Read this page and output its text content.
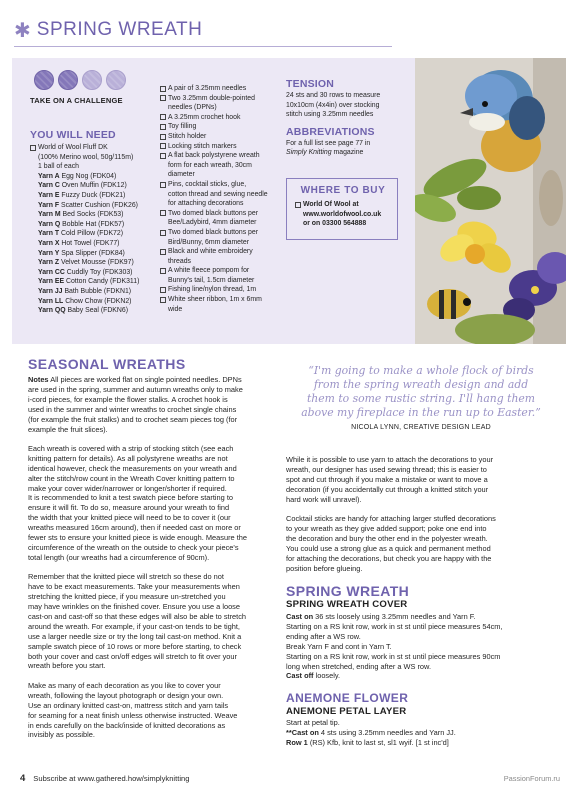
✱ SPRING WREATH
TAKE ON A CHALLENGE
YOU WILL NEED
World of Wool Fluff DK
(100% Merino wool, 50g/115m)
1 ball of each
Yarn A Egg Nog (FDK04)
Yarn C Oven Muffin (FDK12)
Yarn E Fuzzy Duck (FDK21)
Yarn F Scatter Cushion (FDK26)
Yarn M Bed Socks (FDK53)
Yarn Q Bobble Hat (FDK57)
Yarn T Cold Pillow (FDK72)
Yarn X Hot Towel (FDK77)
Yarn Y Spa Slipper (FDK84)
Yarn Z Velvet Mousse (FDK97)
Yarn CC Cuddly Toy (FDK303)
Yarn EE Cotton Candy (FDK311)
Yarn JJ Bath Bubble (FDKN1)
Yarn LL Chow Chow (FDKN2)
Yarn QQ Baby Seal (FDKN6)
A pair of 3.25mm needles
Two 3.25mm double-pointed
needles (DPNs)
A 3.25mm crochet hook
Toy filling
Stitch holder
Locking stitch markers
A flat back polystyrene wreath
form for each wreath, 30cm
diameter
Pins, cocktail sticks, glue,
cotton thread and sewing needle
for attaching decorations
Two domed black buttons per
Bee/Ladybird, 4mm diameter
Two domed black buttons per
Bird/Bunny, 6mm diameter
Black and white embroidery
threads
A white fleece pompom for
Bunny's tail, 1.5cm diameter
Fishing line/nylon thread, 1m
White sheer ribbon, 1m x 6mm
wide
TENSION
24 sts and 30 rows to measure
10x10cm (4x4in) over stocking
stitch using 3.25mm needles
ABBREVIATIONS
For a full list see page 77 in
Simply Knitting magazine
WHERE TO BUY
World Of Wool at
www.worldofwool.co.uk
or on 03300 564888
SEASONAL WREATHS
Notes All pieces are worked flat on single pointed needles. DPNs
are used in the spring, summer and autumn wreaths only to make
i-cord pieces, for example the flower stalks. A crochet hook is
used in the summer and winter wreaths to crochet single chains
(for example the fruit stalks) and to crochet seam pieces tog (for
example the fruit slices).
Each wreath is covered with a strip of stocking stitch (see each
knitting pattern for details). As all polystyrene wreaths are not
identical however, check the measurements on your wreath and
alter the stitch/row count in the Wreath Cover knitting pattern to
make your cover wider/narrower or longer/shorter if required.
It is recommended to knit a test swatch piece before starting to
ensure it will fit. To do so, measure around your wreath to find
the width that your knitted piece will need to be to cover it (our
wreaths measured 16cm around), then if needed cast on more or
fewer sts to ensure your knitted piece is wide enough. Measure the
circumference of the wreath on the outside to check your piece's
total length (our wreaths had a circumference of 90cm).
Remember that the knitted piece will stretch so these do not
have to be exact measurements. Take your measurements when
stretching the knitted piece, if you measure un-stretched you
may have wrinkles on the finished cover. Ensure you use a loose
cast-on and cast-off so that these edges will also be able to stretch
around the wreath. For example, if your cast-on tends to be tight,
use a larger needle size or try the long tail cast-on method. Knit a
sample swatch piece of 10 rows or more before starting, to check
both your cover and cast on/off edges will stretch to fit over your
wreath before you start.
Make as many of each decoration as you like to cover your
wreath, following the layout photograph or design your own.
Use an ordinary knitted cast-on, mattress stitch and yarn tails
for seaming for a neat finish unless otherwise instructed. Weave
in ends carefully on the back/inside of knitted decorations as
invisibly as possible.
“I'm going to make a whole flock of birds
from the spring wreath design and add
them to some rustic string. I'll hang them
above my fireplace in the run up to Easter.”
NICOLA LYNN, CREATIVE DESIGN LEAD
While it is possible to use yarn to attach the decorations to your
wreath, our designer has used sewing thread; this is easier to
spot and cut through if you make a mistake or want to move a
decoration (if you accidentally cut through a knitted stitch your
hard work will unravel).
Cocktail sticks are handy for attaching larger stuffed decorations
to your wreath as they give added support; poke one end into
the decoration and bury the other end in the polyester wreath.
You could use a strong glue as a quick and permanent method
for attaching the decorations, but check you are happy with the
position before glueing.
SPRING WREATH
SPRING WREATH COVER
Cast on 36 sts loosely using 3.25mm needles and Yarn F.
Starting on a RS knit row, work in st st until piece measures 54cm,
ending after a WS row.
Break Yarn F and cont in Yarn T.
Starting on a RS knit row, work in st st until piece measures 90cm
long when stretched, ending after a WS row.
Cast off loosely.
ANEMONE FLOWER
ANEMONE PETAL LAYER
Start at petal tip.
**Cast on 4 sts using 3.25mm needles and Yarn JJ.
Row 1 (RS) Kfb, knit to last st, sl1 wyif. [1 st inc'd]
4 Subscribe at www.gathered.how/simplyknitting	PassionForum.ru
